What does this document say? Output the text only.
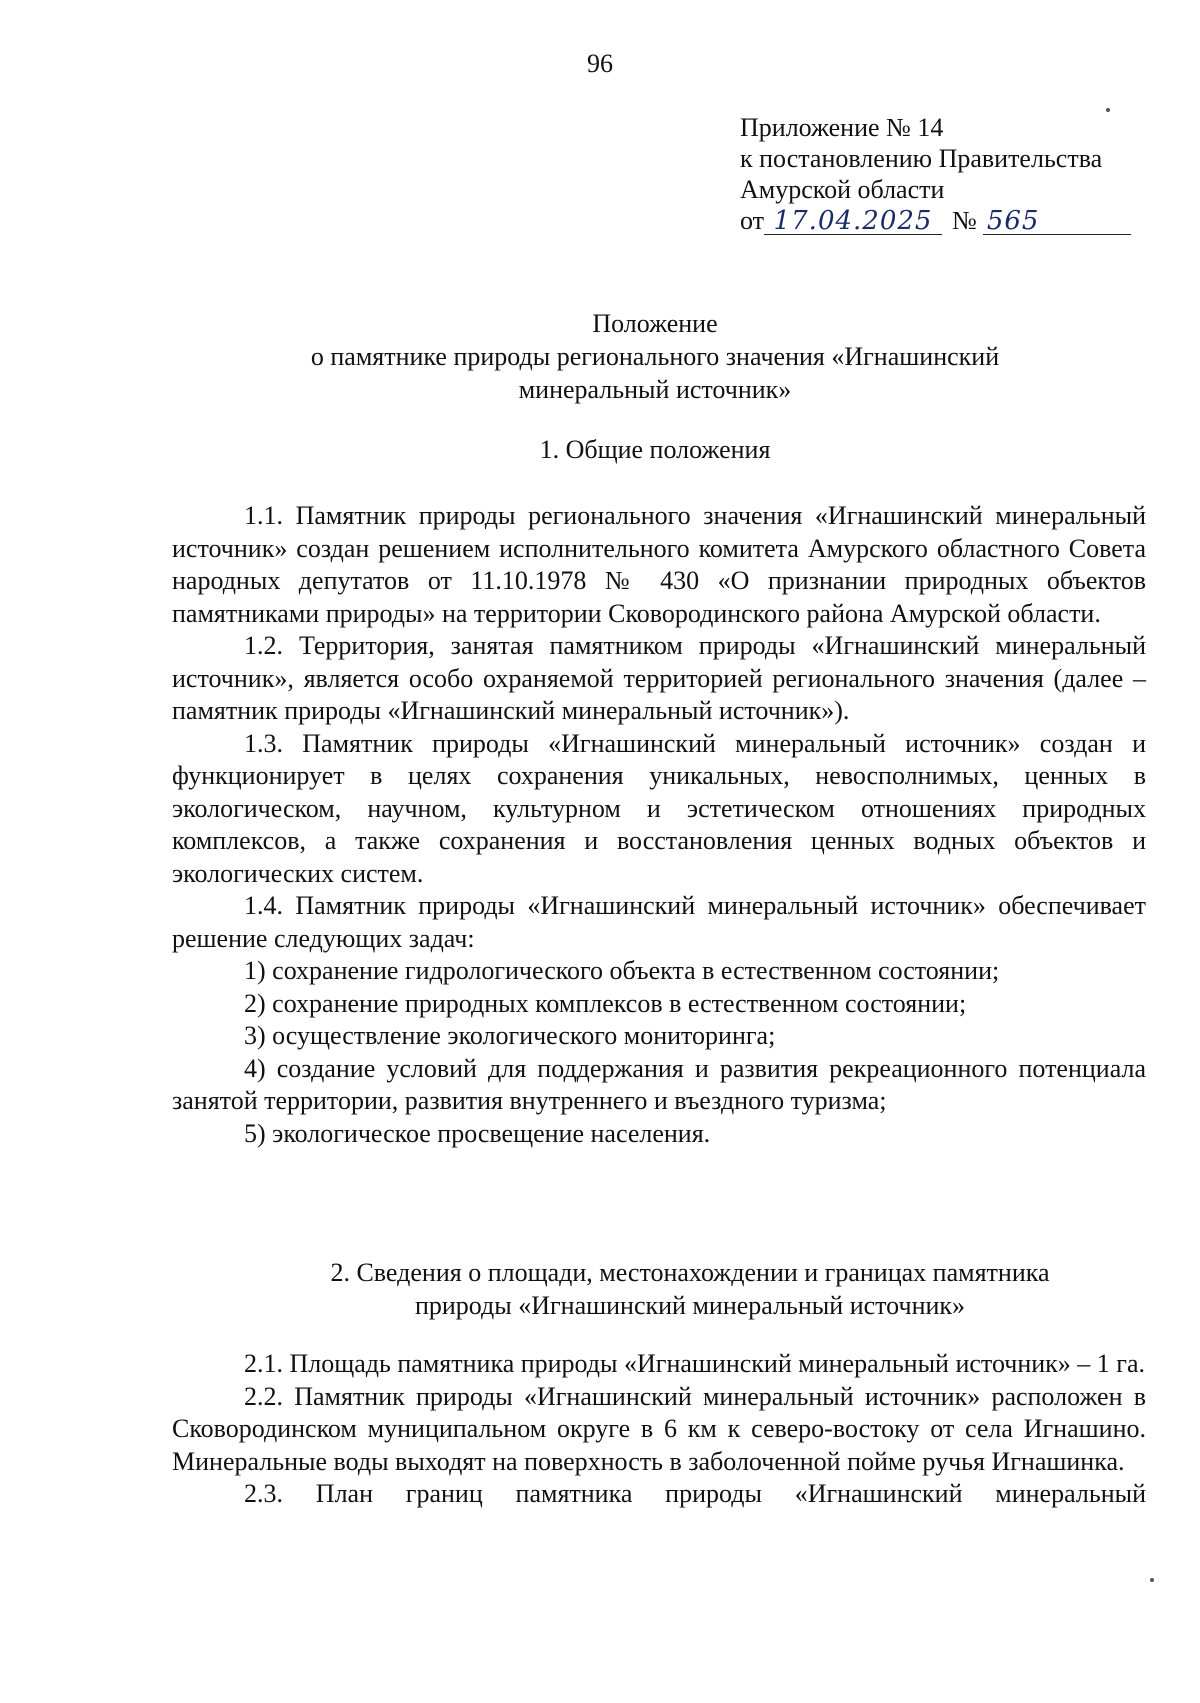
96
Приложение № 14
к постановлению Правительства
Амурской области
от 17.04.2025 № 565
Положение
о памятнике природы регионального значения «Игнашинский
минеральный источник»
1. Общие положения

1.1. Памятник природы регионального значения «Игнашинский минеральный источник» создан решением исполнительного комитета Амурского областного Совета народных депутатов от 11.10.1978 № 430 «О признании природных объектов памятниками природы» на территории Сковородинского района Амурской области.

1.2. Территория, занятая памятником природы «Игнашинский минеральный источник», является особо охраняемой территорией регионального значения (далее – памятник природы «Игнашинский минеральный источник»).

1.3. Памятник природы «Игнашинский минеральный источник» создан и функционирует в целях сохранения уникальных, невосполнимых, ценных в экологическом, научном, культурном и эстетическом отношениях природных комплексов, а также сохранения и восстановления ценных водных объектов и экологических систем.

1.4. Памятник природы «Игнашинский минеральный источник» обеспечивает решение следующих задач:

1) сохранение гидрологического объекта в естественном состоянии;

2) сохранение природных комплексов в естественном состоянии;

3) осуществление экологического мониторинга;

4) создание условий для поддержания и развития рекреационного потенциала занятой территории, развития внутреннего и въездного туризма;

5) экологическое просвещение населения.

2. Сведения о площади, местонахождении и границах памятника
природы «Игнашинский минеральный источник»

2.1. Площадь памятника природы «Игнашинский минеральный источник» – 1 га.

2.2. Памятник природы «Игнашинский минеральный источник» расположен в Сковородинском муниципальном округе в 6 км к северо-востоку от села Игнашино. Минеральные воды выходят на поверхность в заболоченной пойме ручья Игнашинка.

2.3. План границ памятника природы «Игнашинский минеральный
